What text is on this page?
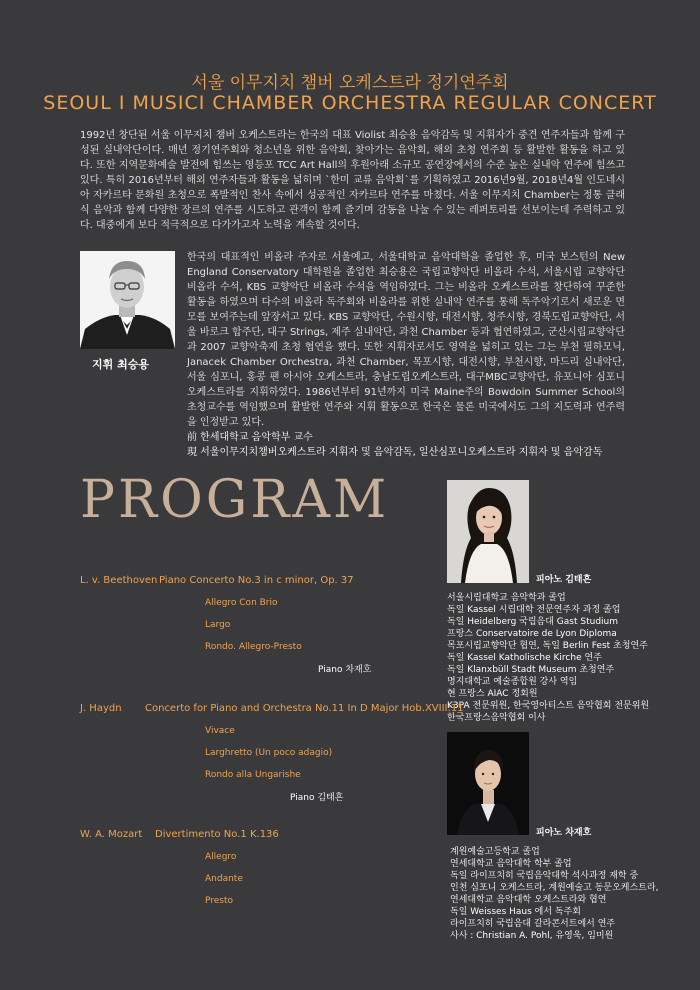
서울 이무지치 챔버 오케스트라 정기연주회
SEOUL I MUSICI CHAMBER ORCHESTRA REGULAR CONCERT

1992년 창단된 서울 이무지치 챔버 오케스트라는 한국의 대표 Violist 최승용 음악감독 및 지휘자가 중견 연주자들과 함께 구성된 실내악단이다. 매년 정기연주회와 청소년을 위한 음악회, 찾아가는 음악회, 해외 초청 연주회 등 활발한 활동을 하고 있다. 또한 지역문화예술 발전에 힘쓰는 영등포 TCC Art Hall의 후원아래 소규모 공연장에서의 수준 높은 실내악 연주에 힘쓰고 있다. 특히 2016년부터 해외 연주자들과 활동을 넓히며 `한미 교류 음악회`를 기획하였고 2016년9월, 2018년4월 인도네시아 자카르타 문화원 초청으로 폭발적인 찬사 속에서 성공적인 자카르타 연주를 마쳤다. 서울 이무지치 Chamber는 정통 클래식 음악과 함께 다양한 장르의 연주를 시도하고 관객이 함께 즐기며 감동을 나눌 수 있는 레퍼토리를 선보이는데 주력하고 있다. 대중에게 보다 적극적으로 다가가고자 노력을 계속할 것이다.

지휘 최승용

한국의 대표적인 비올라 주자로 서울예고, 서울대학교 음악대학을 졸업한 후, 미국 보스턴의 New England Conservatory 대학원을 졸업한 최승용은 국립교향악단 비올라 수석, 서울시립 교향악단 비올라 수석, KBS 교향악단 비올라 수석을 역임하였다. 그는 비올라 오케스트라를 창단하여 꾸준한 활동을 하였으며 다수의 비올라 독주회와 비올라를 위한 실내악 연주를 통해 독주악기로서 새로운 면모를 보여주는데 앞장서고 있다. KBS 교향악단, 수원시향, 대전시향, 청주시향, 경북도립교향악단, 서울 바로크 합주단, 대구 Strings, 제주 실내악단, 과천 Chamber 등과 협연하였고, 군산시립교향악단과 2007 교향악축제 초청 협연을 했다. 또한 지휘자로서도 영역을 넓히고 있는 그는 부천 필하모닉, Janacek Chamber Orchestra, 과천 Chamber, 목포시향, 대전시향, 부천시향, 마드리 실내악단, 서울 심포니, 홍콩 팬 아시아 오케스트라, 충남도립오케스트라, 대구MBC교향악단, 유포니아 심포니 오케스트라를 지휘하였다. 1986년부터 91년까지 미국 Maine주의 Bowdoin Summer School의 초청교수를 역임했으며 활발한 연주와 지휘 활동으로 한국은 물론 미국에서도 그의 지도력과 연주력을 인정받고 있다.

前 한세대학교 음악학부 교수

現 서울이무지치챔버오케스트라 지휘자 및 음악감독, 일산심포니오케스트라 지휘자 및 음악감독

PROGRAM
피아노 김태흔
서울시립대학교 음악학과 졸업
독일 Kassel 시립대학 전문연주자 과정 졸업
독일 Heidelberg 국립음대 Gast Studium
프랑스 Conservatoire de Lyon Diploma
목포시립교향악단 협연, 독일 Berlin Fest 초청연주
독일 Kassel Katholische Kirche 연주
독일 Klanxbüll Stadt Museum 초청연주
명지대학교 예술종합원 강사 역임
현 프랑스 AIAC 정회원
K3PA 전문위원, 한국영아티스트 음악협회 전문위원
한국프랑스음악협회 이사
피아노 차재호
계원예술고등학교 졸업
연세대학교 음악대학 학부 졸업
독일 라이프치히 국립음악대학 석사과정 재학 중
인천 심포니 오케스트라, 계원예술고 동문오케스트라,
연세대학교 음악대학 오케스트라와 협연
독일 Weisses Haus 에서 독주회
라이프치히 국립음대 갈라콘서트에서 연주
사사 : Christian A. Pohl, 유영욱, 임미원
L. v. Beethoven Piano Concerto No.3 in c minor, Op. 37
Allegro Con Brio
Largo
Rondo. Allegro-Presto
Piano 차재호
J. Haydn Concerto for Piano and Orchestra No.11 In D Major Hob.XVIII:11
Vivace
Larghretto (Un poco adagio)
Rondo alla Ungarishe
Piano 김태흔
W. A. Mozart Divertimento No.1 K.136
Allegro
Andante
Presto
